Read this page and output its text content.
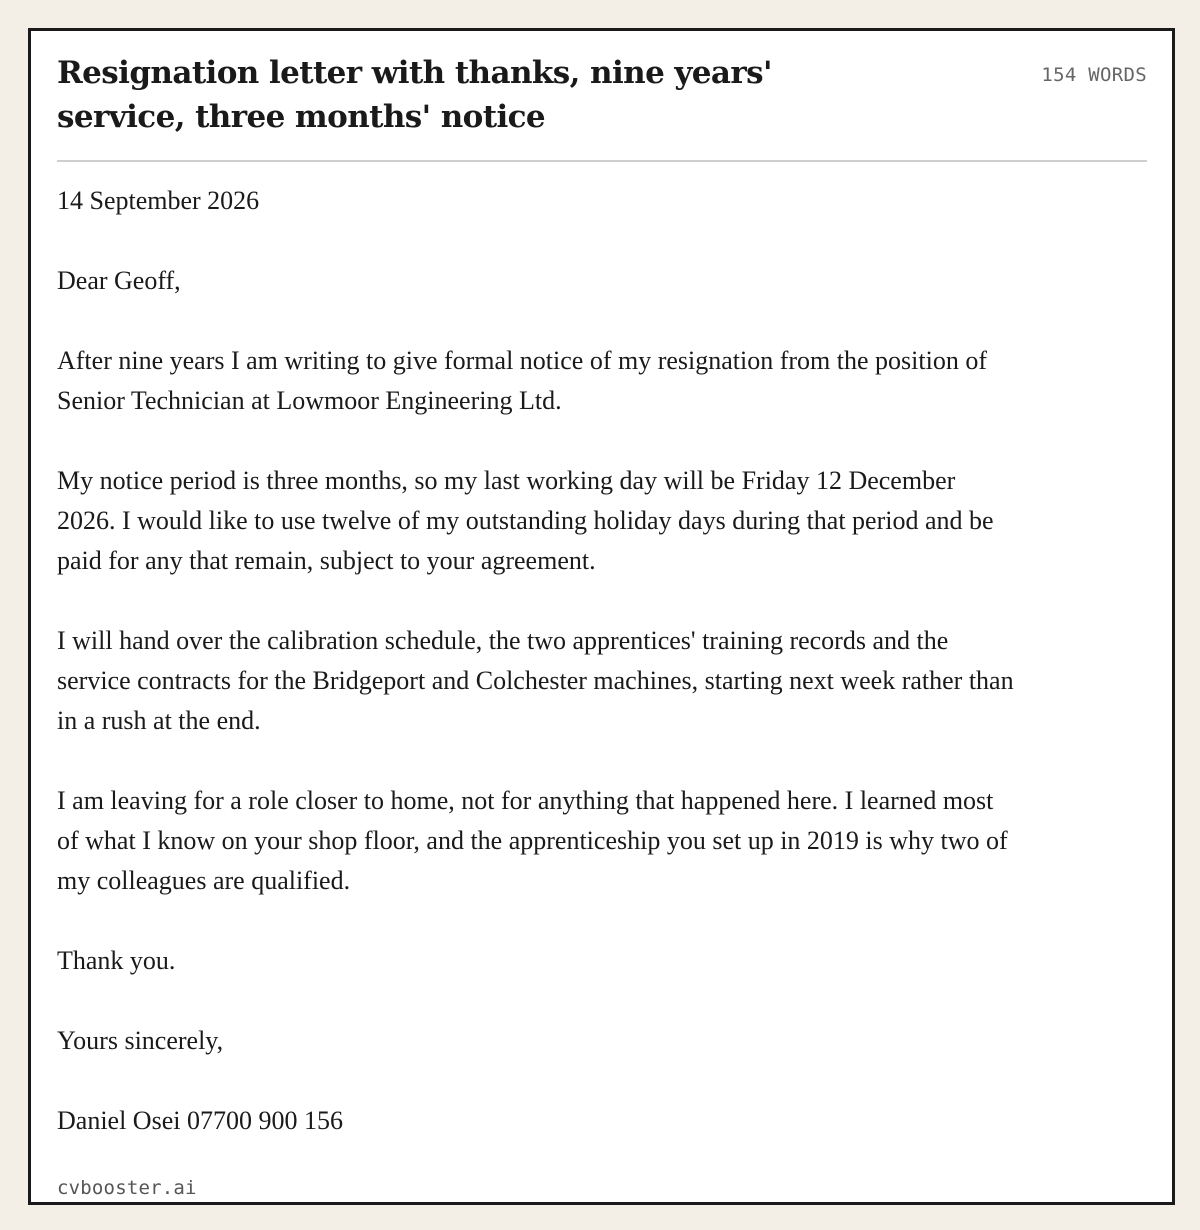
Resignation letter with thanks, nine years' service, three months' notice
154 WORDS

14 September 2026

Dear Geoff,

After nine years I am writing to give formal notice of my resignation from the position of Senior Technician at Lowmoor Engineering Ltd.

My notice period is three months, so my last working day will be Friday 12 December 2026. I would like to use twelve of my outstanding holiday days during that period and be paid for any that remain, subject to your agreement.

I will hand over the calibration schedule, the two apprentices' training records and the service contracts for the Bridgeport and Colchester machines, starting next week rather than in a rush at the end.

I am leaving for a role closer to home, not for anything that happened here. I learned most of what I know on your shop floor, and the apprenticeship you set up in 2019 is why two of my colleagues are qualified.

Thank you.

Yours sincerely,

Daniel Osei 07700 900 156

cvbooster.ai
